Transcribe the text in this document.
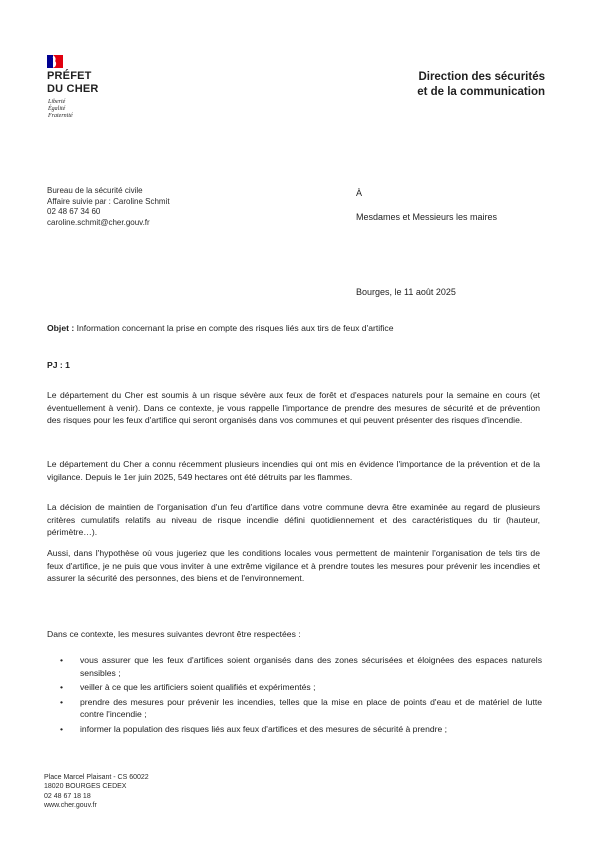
PRÉFET
DU CHER
Liberté
Égalité
Fraternité
Direction des sécurités
et de la communication
Bureau de la sécurité civile
Affaire suivie par : Caroline Schmit
02 48 67 34 60
caroline.schmit@cher.gouv.fr
À
Mesdames et Messieurs les maires
Bourges, le 11 août 2025
Objet : Information concernant la prise en compte des risques liés aux tirs de feux d'artifice
PJ : 1
Le département du Cher est soumis à un risque sévère aux feux de forêt et d'espaces naturels pour la semaine en cours (et éventuellement à venir). Dans ce contexte, je vous rappelle l'importance de prendre des mesures de sécurité et de prévention des risques pour les feux d'artifice qui seront organisés dans vos communes et qui peuvent présenter des risques d'incendie.
Le département du Cher a connu récemment plusieurs incendies qui ont mis en évidence l'importance de la prévention et de la vigilance. Depuis le 1er juin 2025, 549 hectares ont été détruits par les flammes.
La décision de maintien de l'organisation d'un feu d'artifice dans votre commune devra être examinée au regard de plusieurs critères cumulatifs relatifs au niveau de risque incendie défini quotidiennement et des caractéristiques du tir (hauteur, périmètre…).
Aussi, dans l'hypothèse où vous jugeriez que les conditions locales vous permettent de maintenir l'organisation de tels tirs de feux d'artifice, je ne puis que vous inviter à une extrême vigilance et à prendre toutes les mesures pour prévenir les incendies et assurer la sécurité des personnes, des biens et de l'environnement.
Dans ce contexte, les mesures suivantes devront être respectées :
• vous assurer que les feux d'artifices soient organisés dans des zones sécurisées et éloignées des espaces naturels sensibles ;
• veiller à ce que les artificiers soient qualifiés et expérimentés ;
• prendre des mesures pour prévenir les incendies, telles que la mise en place de points d'eau et de matériel de lutte contre l'incendie ;
• informer la population des risques liés aux feux d'artifices et des mesures de sécurité à prendre ;
Place Marcel Plaisant - CS 60022
18020 BOURGES CEDEX
02 48 67 18 18
www.cher.gouv.fr
